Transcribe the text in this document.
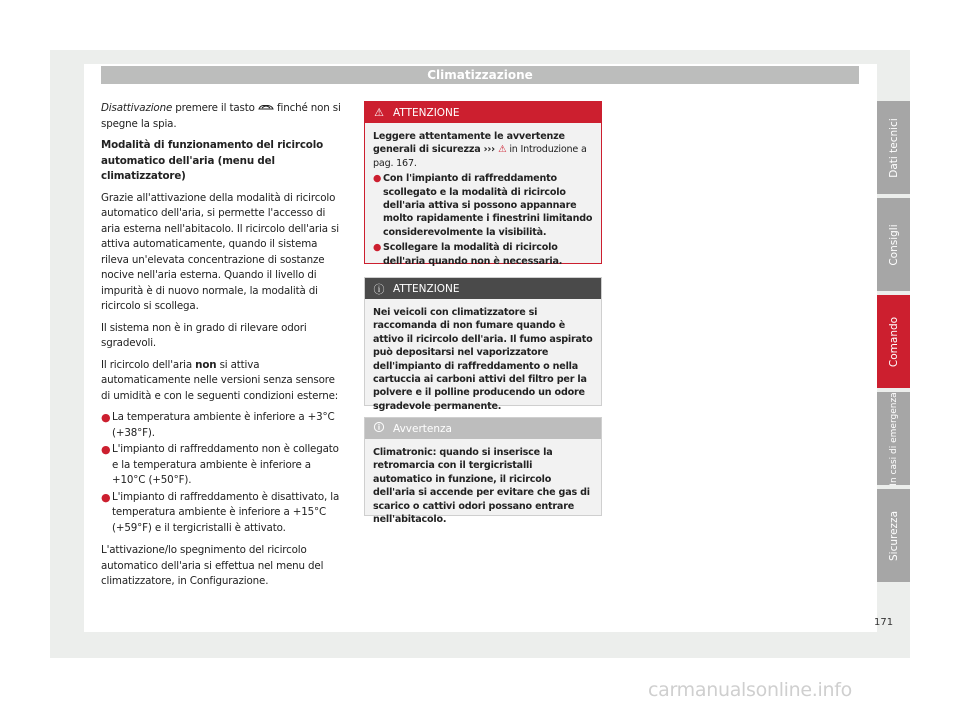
Climatizzazione

Disattivazione premere il tasto  finché non si spegne la spia.

Modalità di funzionamento del ricircolo automatico dell'aria (menu del climatizzatore)

Grazie all'attivazione della modalità di ricircolo automatico dell'aria, si permette l'accesso di aria esterna nell'abitacolo. Il ricircolo dell'aria si attiva automaticamente, quando il sistema rileva un'elevata concentrazione di sostanze nocive nell'aria esterna. Quando il livello di impurità è di nuovo normale, la modalità di ricircolo si scollega.

Il sistema non è in grado di rilevare odori sgradevoli.

Il ricircolo dell'aria non si attiva automaticamente nelle versioni senza sensore di umidità e con le seguenti condizioni esterne:

● La temperatura ambiente è inferiore a +3°C (+38°F).
● L'impianto di raffreddamento non è collegato e la temperatura ambiente è inferiore a +10°C (+50°F).
● L'impianto di raffreddamento è disattivato, la temperatura ambiente è inferiore a +15°C (+59°F) e il tergicristalli è attivato.

L'attivazione/lo spegnimento del ricircolo automatico dell'aria si effettua nel menu del climatizzatore, in Configurazione.

⚠ ATTENZIONE
Leggere attentamente le avvertenze generali di sicurezza ››› ⚠ in Introduzione a pag. 167.
● Con l'impianto di raffreddamento scollegato e la modalità di ricircolo dell'aria attiva si possono appannare molto rapidamente i finestrini limitando considerevolmente la visibilità.
● Scollegare la modalità di ricircolo dell'aria quando non è necessaria.
ⓘ ATTENZIONE
Nei veicoli con climatizzatore si raccomanda di non fumare quando è attivo il ricircolo dell'aria. Il fumo aspirato può depositarsi nel vaporizzatore dell'impianto di raffreddamento o nella cartuccia ai carboni attivi del filtro per la polvere e il polline producendo un odore sgradevole permanente.
🛈 Avvertenza
Climatronic: quando si inserisce la retromarcia con il tergicristalli automatico in funzione, il ricircolo dell'aria si accende per evitare che gas di scarico o cattivi odori possano entrare nell'abitacolo.
Dati tecnici
Consigli
Comando
In casi di emergenza
Sicurezza
171
carmanualsonline.info
